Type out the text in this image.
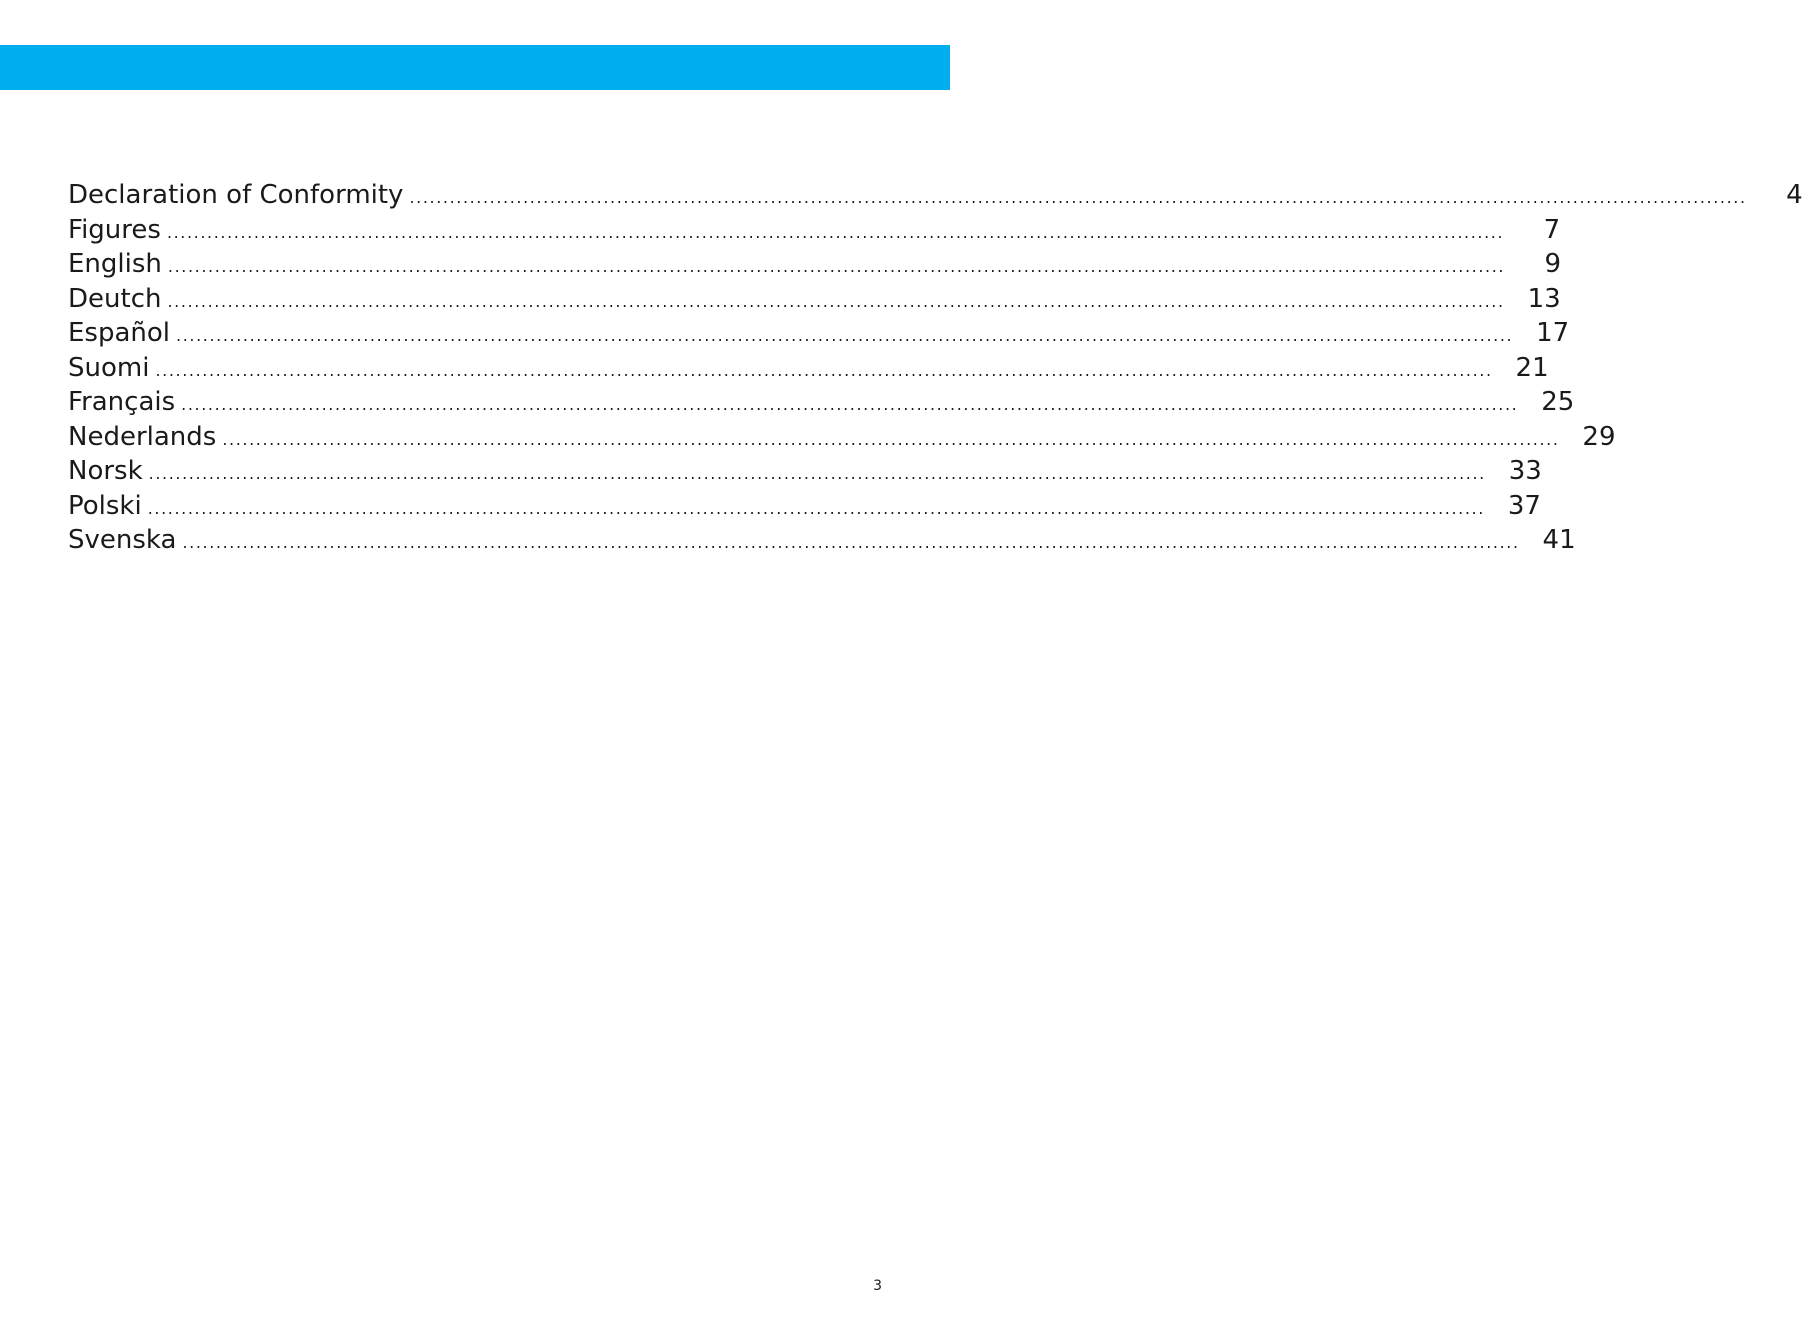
Declaration of Conformity ........................................................................................................................................................................................................	4
Figures ........................................................................................................................................................................................................	7
English ........................................................................................................................................................................................................	9
Deutch ........................................................................................................................................................................................................ 13
Español ........................................................................................................................................................................................................ 17
Suomi ........................................................................................................................................................................................................ 21
Français ........................................................................................................................................................................................................ 25
Nederlands ........................................................................................................................................................................................................ 29
Norsk ........................................................................................................................................................................................................ 33
Polski ........................................................................................................................................................................................................ 37
Svenska ........................................................................................................................................................................................................ 41
3
